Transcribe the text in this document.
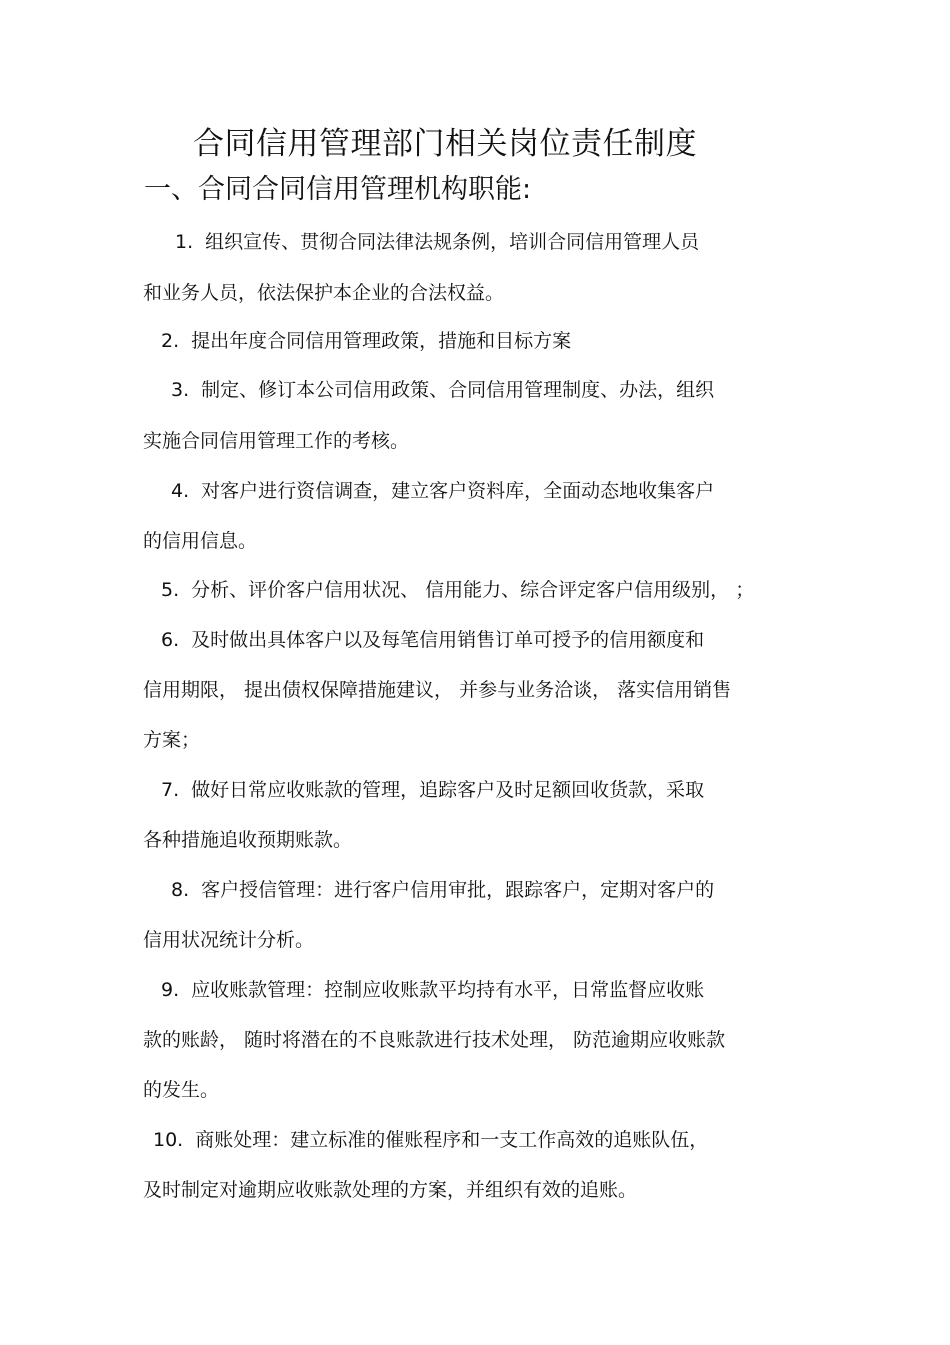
合同信用管理部门相关岗位责任制度
一、合同合同信用管理机构职能:
1. 组织宣传、贯彻合同法律法规条例，培训合同信用管理人员
和业务人员，依法保护本企业的合法权益。
2. 提出年度合同信用管理政策，措施和目标方案
3. 制定、修订本公司信用政策、合同信用管理制度、办法，组织
实施合同信用管理工作的考核。
4. 对客户进行资信调查，建立客户资料库，全面动态地收集客户
的信用信息。
5. 分析、评价客户信用状况、 信用能力、综合评定客户信用级别， ；
6. 及时做出具体客户以及每笔信用销售订单可授予的信用额度和
信用期限， 提出债权保障措施建议， 并参与业务洽谈， 落实信用销售
方案；
7. 做好日常应收账款的管理，追踪客户及时足额回收货款，采取
各种措施追收预期账款。
8. 客户授信管理：进行客户信用审批，跟踪客户，定期对客户的
信用状况统计分析。
9. 应收账款管理：控制应收账款平均持有水平，日常监督应收账
款的账龄， 随时将潜在的不良账款进行技术处理， 防范逾期应收账款
的发生。
10. 商账处理：建立标准的催账程序和一支工作高效的追账队伍，
及时制定对逾期应收账款处理的方案，并组织有效的追账。
